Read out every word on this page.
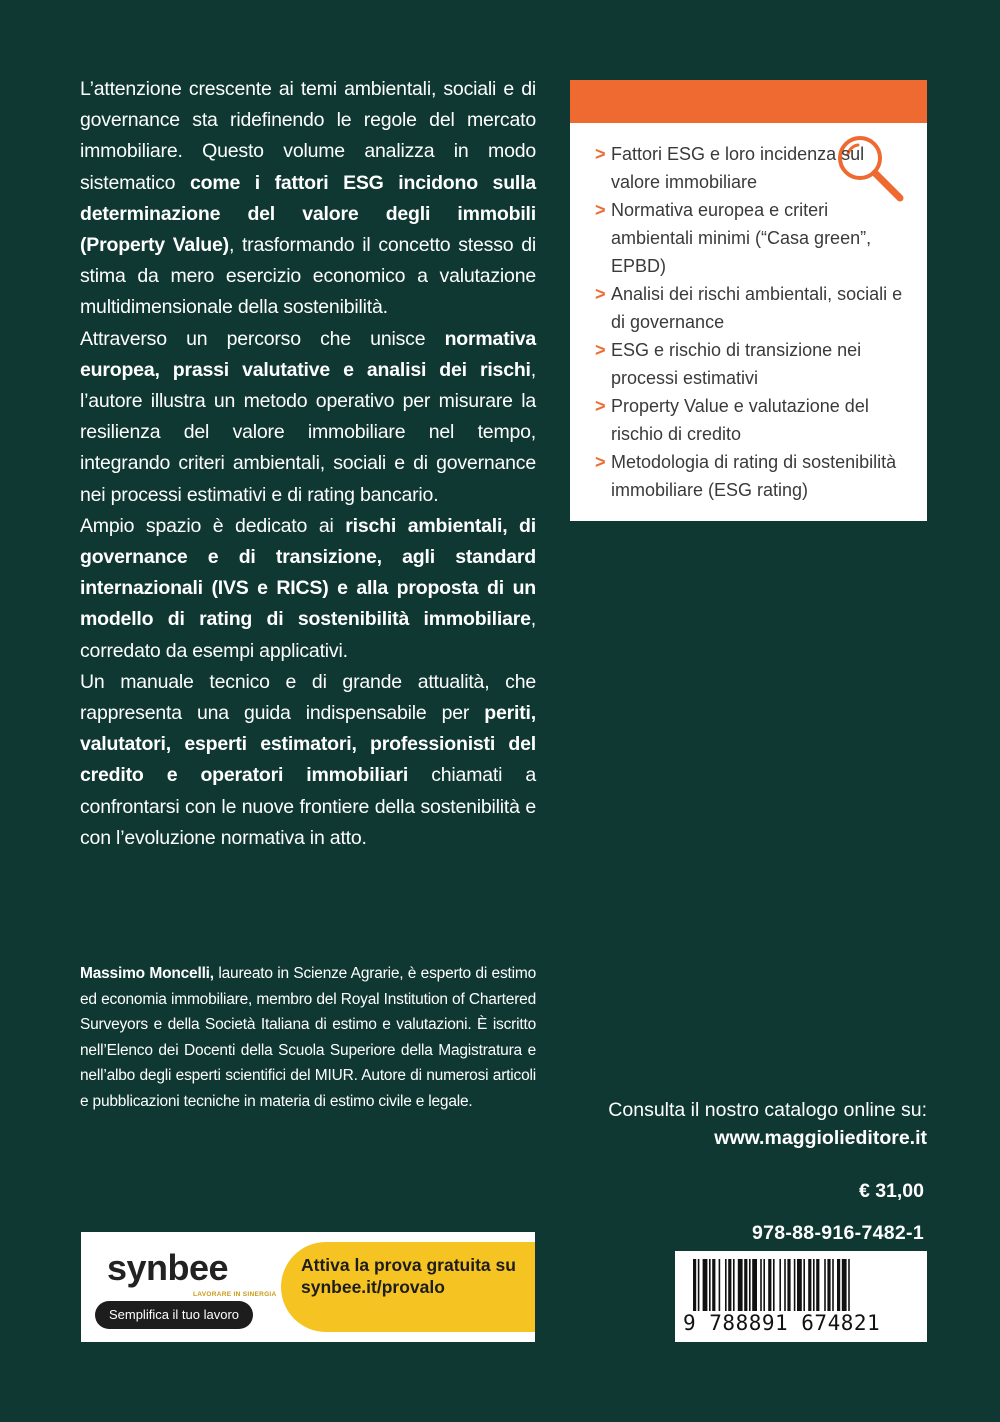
L’attenzione crescente ai temi ambientali, sociali e di governance sta ridefinendo le regole del mercato immobiliare. Questo volume analizza in modo sistematico come i fattori ESG incidono sulla determinazione del valore degli immobili (Property Value), trasformando il concetto stesso di stima da mero esercizio economico a valutazione multidimensionale della sostenibilità.

Attraverso un percorso che unisce normativa europea, prassi valutative e analisi dei rischi, l’autore illustra un metodo operativo per misurare la resilienza del valore immobiliare nel tempo, integrando criteri ambientali, sociali e di governance nei processi estimativi e di rating bancario.

Ampio spazio è dedicato ai rischi ambientali, di governance e di transizione, agli standard internazionali (IVS e RICS) e alla proposta di un modello di rating di sostenibilità immobiliare, corredato da esempi applicativi.

Un manuale tecnico e di grande attualità, che rappresenta una guida indispensabile per periti, valutatori, esperti estimatori, professionisti del credito e operatori immobiliari chiamati a confrontarsi con le nuove frontiere della sostenibilità e con l’evoluzione normativa in atto.

> Fattori ESG e loro incidenza sul valore immobiliare
> Normativa europea e criteri ambientali minimi (“Casa green”, EPBD)
> Analisi dei rischi ambientali, sociali e di governance
> ESG e rischio di transizione nei processi estimativi
> Property Value e valutazione del rischio di credito
> Metodologia di rating di sostenibilità immobiliare (ESG rating)

Massimo Moncelli, laureato in Scienze Agrarie, è esperto di estimo ed economia immobiliare, membro del Royal Institution of Chartered Surveyors e della Società Italiana di estimo e valutazioni. È iscritto nell’Elenco dei Docenti della Scuola Superiore della Magistratura e nell’albo degli esperti scientifici del MIUR. Autore di numerosi articoli e pubblicazioni tecniche in materia di estimo civile e legale.	Consulta il nostro catalogo online su:
www.maggiolieditore.it
€ 31,00
978-88-916-7482-1
9 788891 674821
synbee
LAVORARE IN SINERGIA
Semplifica il tuo lavoro
Attiva la prova gratuita su synbee.it/provalo
